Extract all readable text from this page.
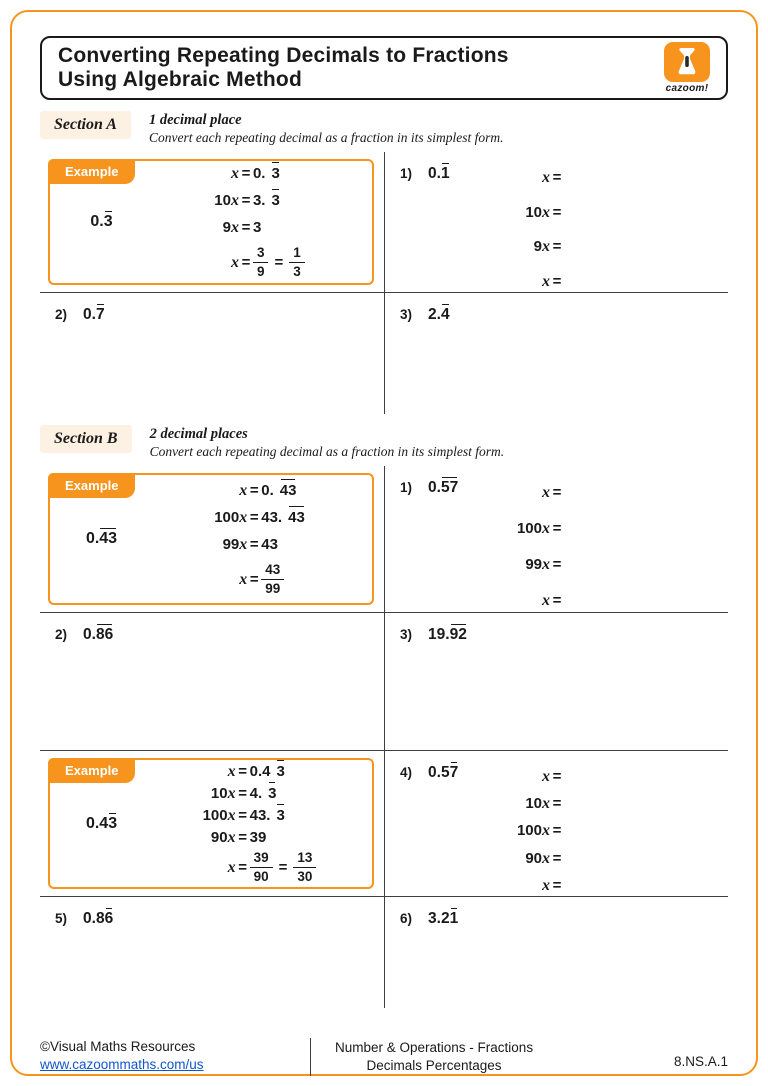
Converting Repeating Decimals to Fractions
Using Algebraic Method	cazoom!
Section A	1 decimal place
Convert each repeating decimal as a fraction in its simplest form.
Example
0.3
x = 0. 3
10x = 3. 3
9x = 3
$x = \frac{3}{9} = \frac{1}{3}$
1) 0.1	x =
10x =
9x =
x =
2) 0.7	3) 2.4
Section B	2 decimal places
Convert each repeating decimal as a fraction in its simplest form.
Example
0.43
x = 0. 43
100x = 43. 43
99x = 43
$x = \frac{43}{99}$
1) 0.57	x =
100x =
99x =
x =
2) 0.86	3) 19.92
Example
0.43
x = 0.4 3
10x = 4. 3
100x = 43. 3
90x = 39
$x = \frac{39}{90} = \frac{13}{30}$
4) 0.57	x =
10x =
100x =
90x =
x =
5) 0.86	6) 3.21
©Visual Maths Resources
www.cazoommaths.com/us
Number & Operations - Fractions
Decimals Percentages	8.NS.A.1
